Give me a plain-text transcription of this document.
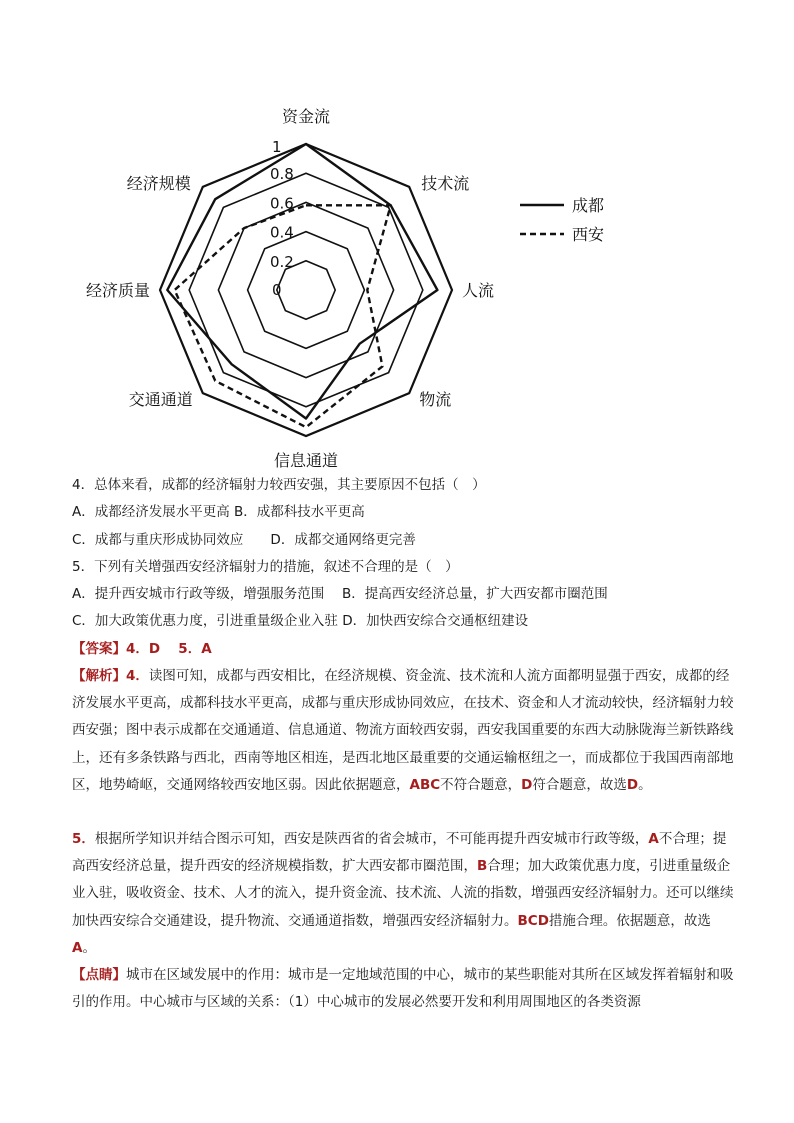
1
0.8
0.6
0.4
0.2
0
资金流
技术流
人流
物流
信息通道
交通通道
经济质量
经济规模
成都
西安
4．总体来看，成都的经济辐射力较西安强，其主要原因不包括（　）
A．成都经济发展水平更高 B．成都科技水平更高
C．成都与重庆形成协同效应　　D．成都交通网络更完善
5．下列有关增强西安经济辐射力的措施，叙述不合理的是（　）
A．提升西安城市行政等级，增强服务范围　 B．提高西安经济总量，扩大西安都市圈范围
C．加大政策优惠力度，引进重量级企业入驻 D．加快西安综合交通枢纽建设
【答案】4．D　 5．A
【解析】4．读图可知，成都与西安相比，在经济规模、资金流、技术流和人流方面都明显强于西安，成都的经济发展水平更高，成都科技水平更高，成都与重庆形成协同效应，在技术、资金和人才流动较快，经济辐射力较西安强；图中表示成都在交通通道、信息通道、物流方面较西安弱，西安我国重要的东西大动脉陇海兰新铁路线上，还有多条铁路与西北，西南等地区相连，是西北地区最重要的交通运输枢纽之一，而成都位于我国西南部地区，地势崎岖，交通网络较西安地区弱。因此依据题意，ABC不符合题意，D符合题意，故选D。
5．根据所学知识并结合图示可知，西安是陕西省的省会城市，不可能再提升西安城市行政等级，A不合理；提高西安经济总量，提升西安的经济规模指数，扩大西安都市圈范围，B合理；加大政策优惠力度，引进重量级企业入驻，吸收资金、技术、人才的流入，提升资金流、技术流、人流的指数，增强西安经济辐射力。还可以继续加快西安综合交通建设，提升物流、交通通道指数，增强西安经济辐射力。BCD措施合理。依据题意，故选A。
【点睛】城市在区域发展中的作用：城市是一定地域范围的中心，城市的某些职能对其所在区域发挥着辐射和吸引的作用。中心城市与区域的关系：（1）中心城市的发展必然要开发和利用周围地区的各类资源
